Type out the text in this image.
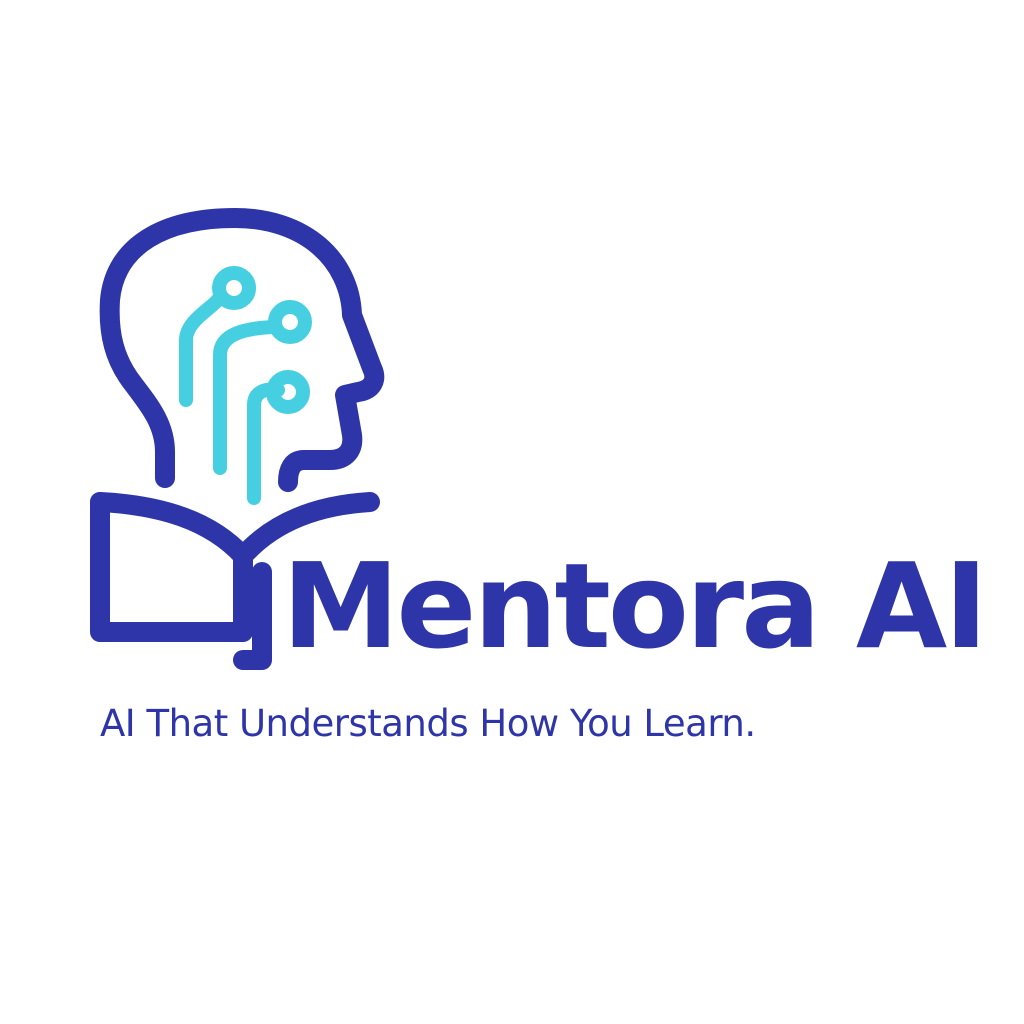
Mentora AI

AI That Understands How You Learn.
